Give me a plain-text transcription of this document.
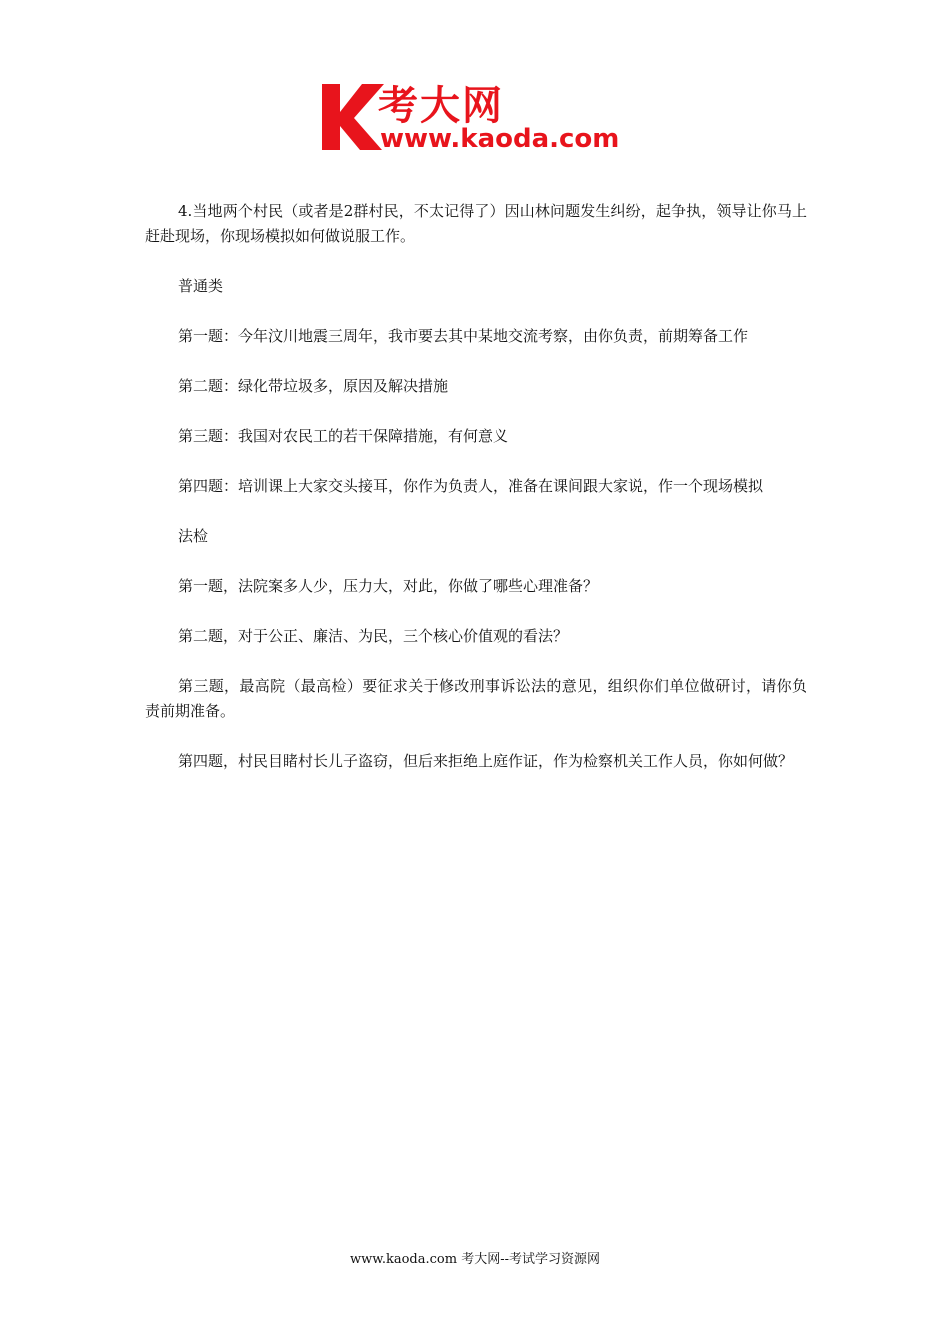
考大网
www.kaoda.com

4.当地两个村民（或者是2群村民，不太记得了）因山林问题发生纠纷，起争执，领导让你马上赶赴现场，你现场模拟如何做说服工作。

普通类

第一题：今年汶川地震三周年，我市要去其中某地交流考察，由你负责，前期筹备工作

第二题：绿化带垃圾多，原因及解决措施

第三题：我国对农民工的若干保障措施，有何意义

第四题：培训课上大家交头接耳，你作为负责人，准备在课间跟大家说，作一个现场模拟

法检

第一题，法院案多人少，压力大，对此，你做了哪些心理准备？

第二题，对于公正、廉洁、为民，三个核心价值观的看法？

第三题，最高院（最高检）要征求关于修改刑事诉讼法的意见，组织你们单位做研讨，请你负责前期准备。

第四题，村民目睹村长儿子盗窃，但后来拒绝上庭作证，作为检察机关工作人员，你如何做？

www.kaoda.com 考大网--考试学习资源网
